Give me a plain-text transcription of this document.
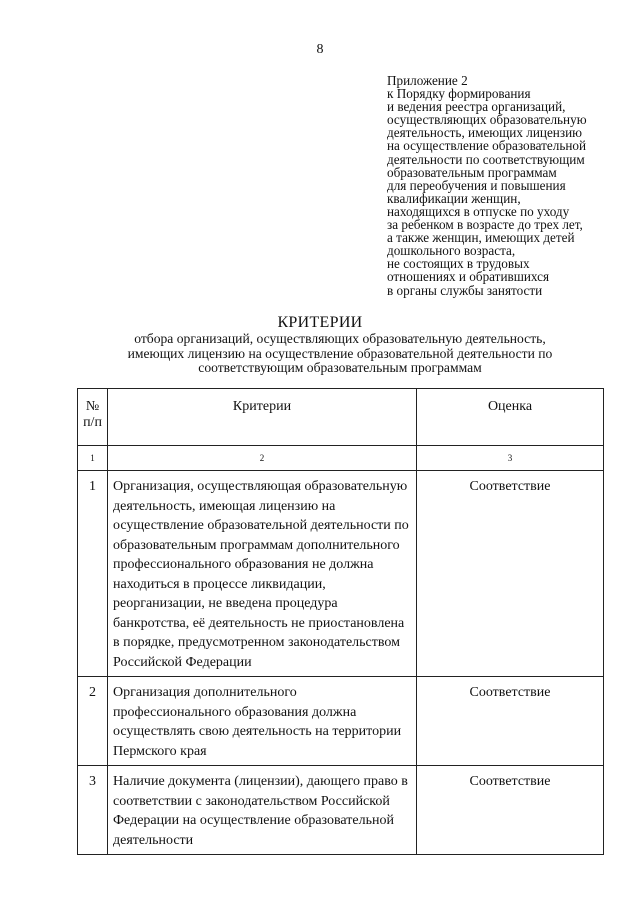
8
Приложение 2
к Порядку формирования
и ведения реестра организаций,
осуществляющих образовательную
деятельность, имеющих лицензию
на осуществление образовательной
деятельности по соответствующим
образовательным программам
для переобучения и повышения
квалификации женщин,
находящихся в отпуске по уходу
за ребенком в возрасте до трех лет,
а также женщин, имеющих детей
дошкольного возраста,
не состоящих в трудовых
отношениях и обратившихся
в органы службы занятости
КРИТЕРИИ
отбора организаций, осуществляющих образовательную деятельность,
имеющих лицензию на осуществление образовательной деятельности по
соответствующим образовательным программам
№
п/п	Критерии	Оценка
1	2	3
1	Организация, осуществляющая образовательную деятельность, имеющая лицензию на осуществление образовательной деятельности по образовательным программам дополнительного профессионального образования не должна находиться в процессе ликвидации, реорганизации, не введена процедура банкротства, её деятельность не приостановлена в порядке, предусмотренном законодательством Российской Федерации	Соответствие
2	Организация дополнительного профессионального образования должна осуществлять свою деятельность на территории Пермского края	Соответствие
3	Наличие документа (лицензии), дающего право в соответствии с законодательством Российской Федерации на осуществление образовательной деятельности	Соответствие
